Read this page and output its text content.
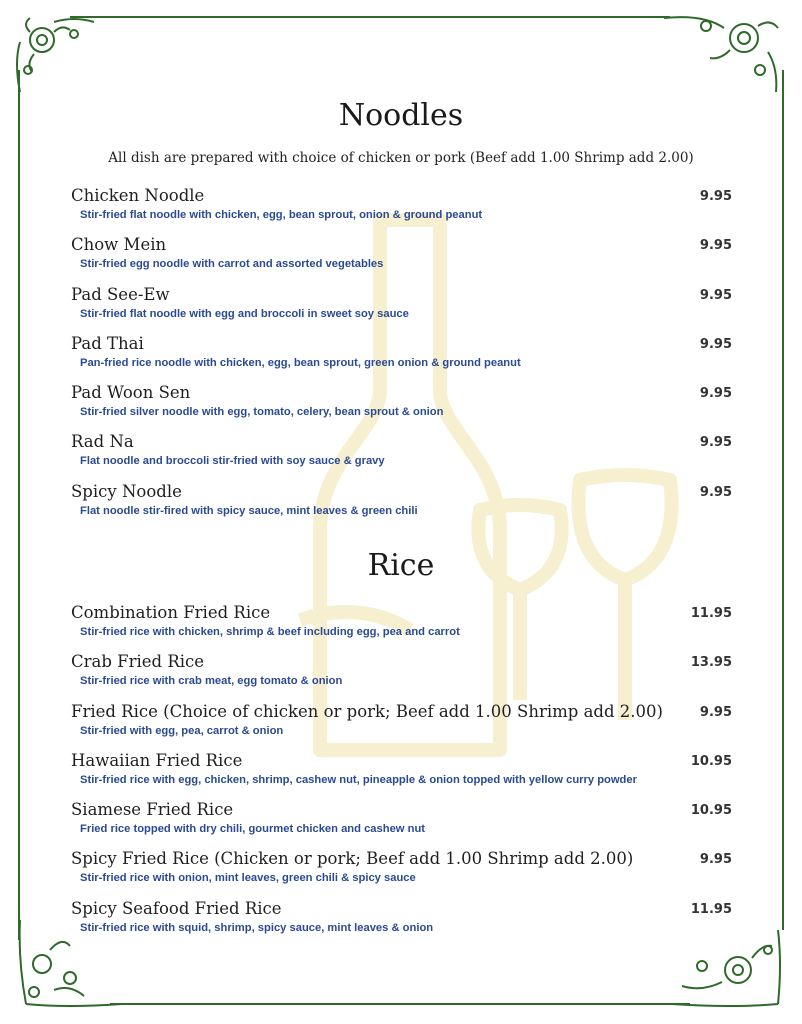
Noodles
All dish are prepared with choice of chicken or pork (Beef add 1.00 Shrimp add 2.00)
Chicken Noodle	9.95
Stir-fried flat noodle with chicken, egg, bean sprout, onion & ground peanut
Chow Mein	9.95
Stir-fried egg noodle with carrot and assorted vegetables
Pad See-Ew	9.95
Stir-fried flat noodle with egg and broccoli in sweet soy sauce
Pad Thai	9.95
Pan-fried rice noodle with chicken, egg, bean sprout, green onion & ground peanut
Pad Woon Sen	9.95
Stir-fried silver noodle with egg, tomato, celery, bean sprout & onion
Rad Na	9.95
Flat noodle and broccoli stir-fried with soy sauce & gravy
Spicy Noodle	9.95
Flat noodle stir-fired with spicy sauce, mint leaves & green chili
Rice
Combination Fried Rice	11.95
Stir-fried rice with chicken, shrimp & beef including egg, pea and carrot
Crab Fried Rice	13.95
Stir-fried rice with crab meat, egg tomato & onion
Fried Rice (Choice of chicken or pork; Beef add 1.00 Shrimp add 2.00)	9.95
Stir-fried with egg, pea, carrot & onion
Hawaiian Fried Rice	10.95
Stir-fried rice with egg, chicken, shrimp, cashew nut, pineapple & onion topped with yellow curry powder
Siamese Fried Rice	10.95
Fried rice topped with dry chili, gourmet chicken and cashew nut
Spicy Fried Rice (Chicken or pork; Beef add 1.00 Shrimp add 2.00)	9.95
Stir-fried rice with onion, mint leaves, green chili & spicy sauce
Spicy Seafood Fried Rice	11.95
Stir-fried rice with squid, shrimp, spicy sauce, mint leaves & onion
